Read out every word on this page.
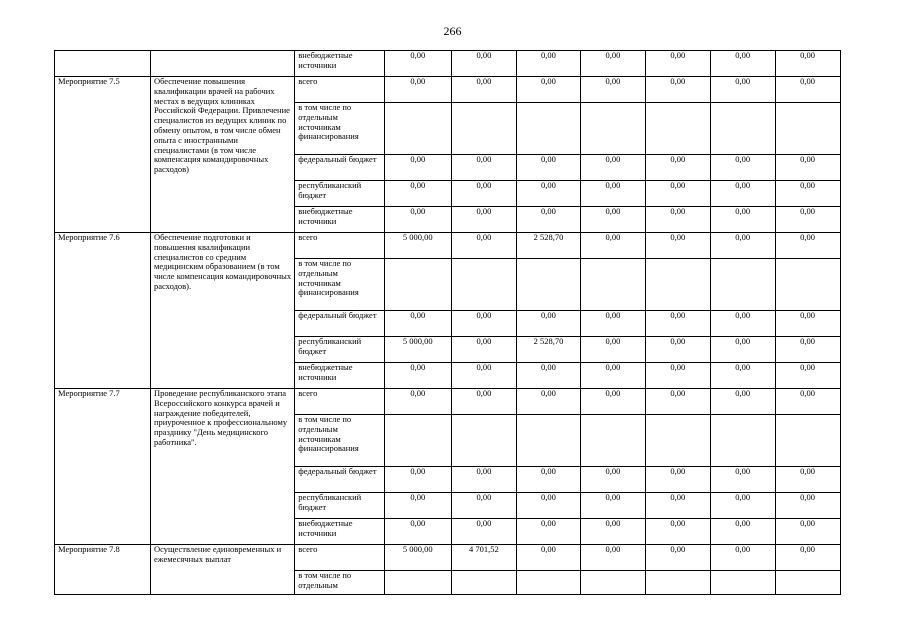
266
		внебюджетные источники	0,00	0,00	0,00	0,00	0,00	0,00	0,00
Мероприятие 7.5	Обеспечение повышения квалификации врачей на рабочих местах в ведущих клиниках Российской Федерации. Привлечение специалистов из ведущих клиник по обмену опытом, в том числе обмен опыта с иностранными специалистами (в том числе компенсация командировочных расходов)	всего	0,00	0,00	0,00	0,00	0,00	0,00	0,00
		в том числе по отдельным источникам финансирования							
		федеральный бюджет	0,00	0,00	0,00	0,00	0,00	0,00	0,00
		республиканский бюджет	0,00	0,00	0,00	0,00	0,00	0,00	0,00
		внебюджетные источники	0,00	0,00	0,00	0,00	0,00	0,00	0,00
Мероприятие 7.6	Обеспечение подготовки и повышения квалификации специалистов со средним медицинским образованием (в том числе компенсация командировочных расходов).	всего	5 000,00	0,00	2 528,70	0,00	0,00	0,00	0,00
		в том числе по отдельным источникам финансирования							
		федеральный бюджет	0,00	0,00	0,00	0,00	0,00	0,00	0,00
		республиканский бюджет	5 000,00	0,00	2 528,70	0,00	0,00	0,00	0,00
		внебюджетные источники	0,00	0,00	0,00	0,00	0,00	0,00	0,00
Мероприятие 7.7	Проведение республиканского этапа Всероссийского конкурса врачей и награждение победителей, приуроченное к профессиональному празднику "День медицинского работника".	всего	0,00	0,00	0,00	0,00	0,00	0,00	0,00
		в том числе по отдельным источникам финансирования							
		федеральный бюджет	0,00	0,00	0,00	0,00	0,00	0,00	0,00
		республиканский бюджет	0,00	0,00	0,00	0,00	0,00	0,00	0,00
		внебюджетные источники	0,00	0,00	0,00	0,00	0,00	0,00	0,00
Мероприятие 7.8	Осуществление единовременных и ежемесячных выплат	всего	5 000,00	4 701,52	0,00	0,00	0,00	0,00	0,00
		в том числе по отдельным							
